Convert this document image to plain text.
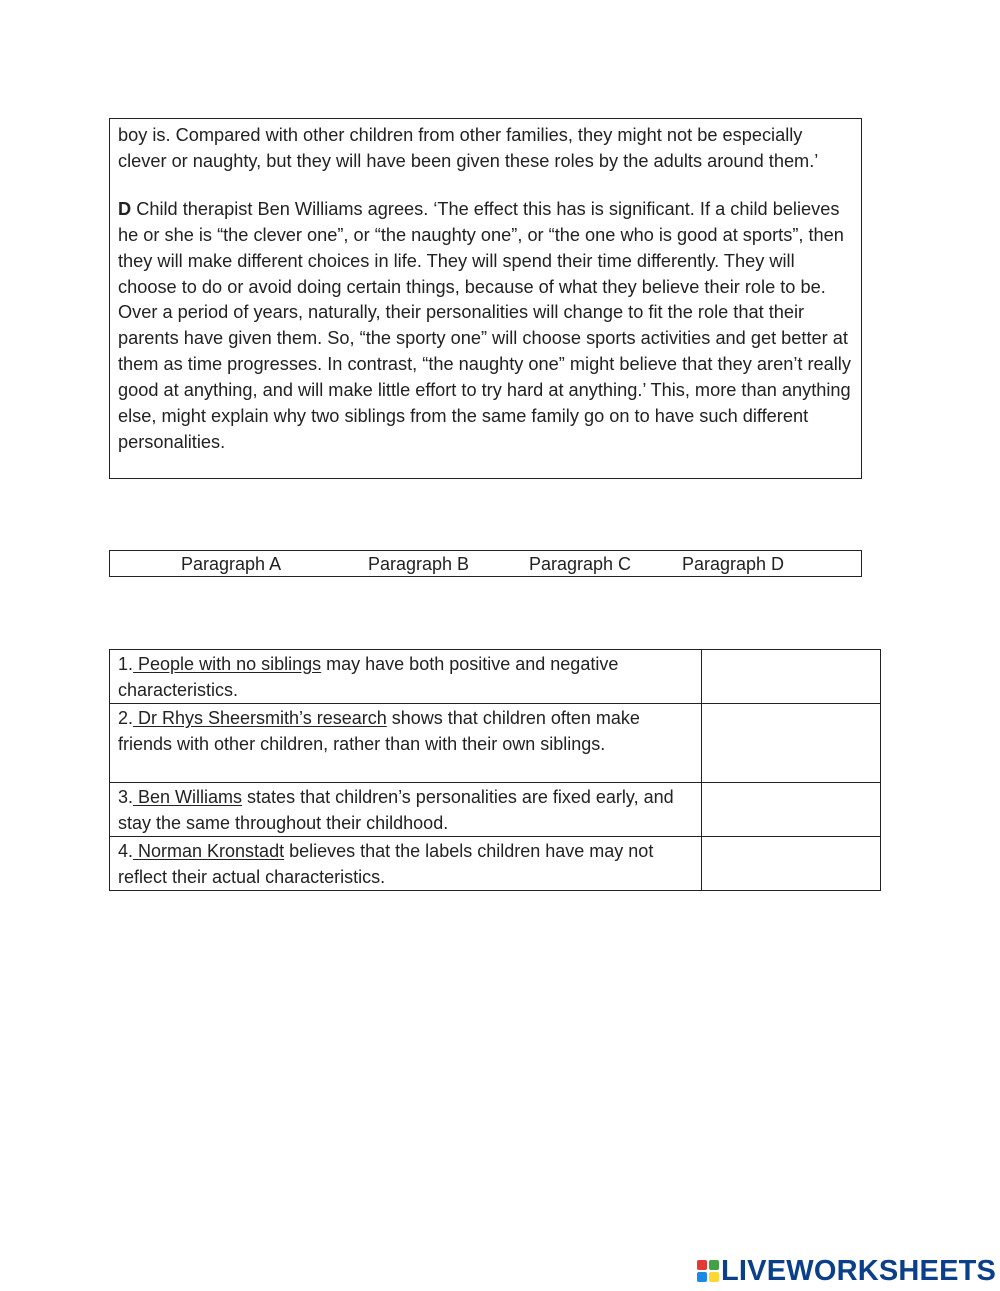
boy is. Compared with other children from other families, they might not be especially clever or naughty, but they will have been given these roles by the adults around them.’

D Child therapist Ben Williams agrees. ‘The effect this has is significant. If a child believes he or she is “the clever one”, or “the naughty one”, or “the one who is good at sports”, then they will make different choices in life. They will spend their time differently. They will choose to do or avoid doing certain things, because of what they believe their role to be. Over a period of years, naturally, their personalities will change to fit the role that their parents have given them. So, “the sporty one” will choose sports activities and get better at them as time progresses. In contrast, “the naughty one” might believe that they aren’t really good at anything, and will make little effort to try hard at anything.’ This, more than anything else, might explain why two siblings from the same family go on to have such different personalities.

Paragraph A	Paragraph B	Paragraph C	Paragraph D
1. People with no siblings may have both positive and negative characteristics.	

2. Dr Rhys Sheersmith’s research shows that children often make friends with other children, rather than with their own siblings.	

3. Ben Williams states that children’s personalities are fixed early, and stay the same throughout their childhood.	

4. Norman Kronstadt believes that the labels children have may not reflect their actual characteristics.	
LIVEWORKSHEETS
